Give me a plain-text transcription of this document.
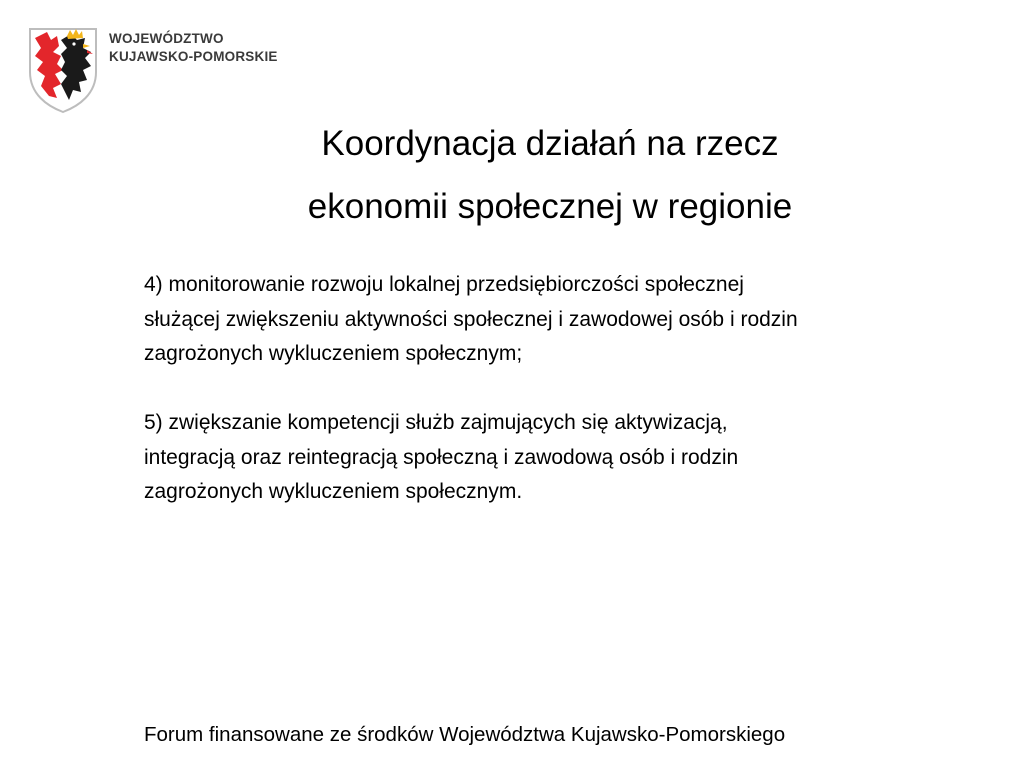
WOJEWÓDZTWO
KUJAWSKO-POMORSKIE
Koordynacja działań na rzecz
ekonomii społecznej w regionie
4) monitorowanie rozwoju lokalnej przedsiębiorczości społecznej
służącej zwiększeniu aktywności społecznej i zawodowej osób i rodzin
zagrożonych wykluczeniem społecznym;
5) zwiększanie kompetencji służb zajmujących się aktywizacją,
integracją oraz reintegracją społeczną i zawodową osób i rodzin
zagrożonych wykluczeniem społecznym.
Forum finansowane ze środków Województwa Kujawsko-Pomorskiego
